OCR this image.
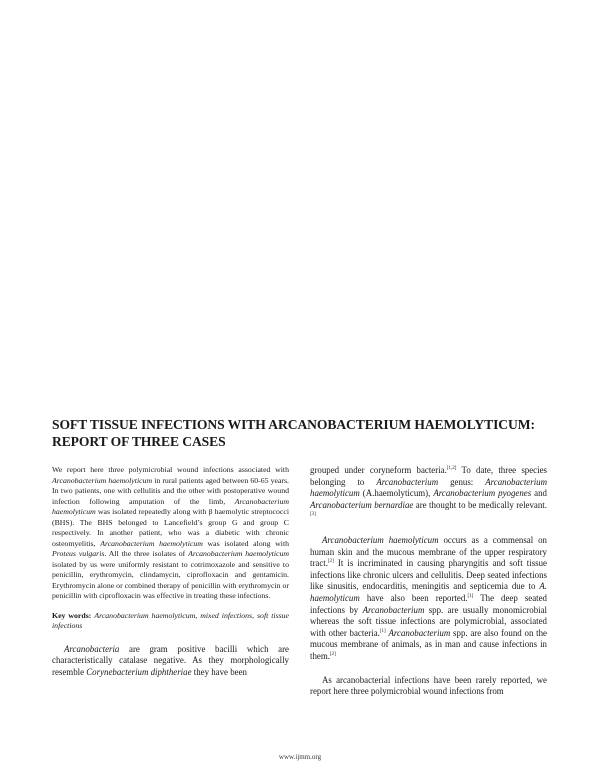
SOFT TISSUE INFECTIONS WITH ARCANOBACTERIUM HAEMOLYTICUM: REPORT OF THREE CASES

We report here three polymicrobial wound infections associated with Arcanobacterium haemolyticum in rural patients aged between 60-65 years. In two patients, one with cellulitis and the other with postoperative wound infection following amputation of the limb, Arcanobacterium haemolyticum was isolated repeatedly along with β haemolytic streptococci (BHS). The BHS belonged to Lancefield’s group G and group C respectively. In another patient, who was a diabetic with chronic osteomyelitis, Arcanobacterium haemolyticum was isolated along with Proteus vulgaris. All the three isolates of Arcanobacterium haemolyticum isolated by us were uniformly resistant to cotrimoxazole and sensitive to penicillin, erythromycin, clindamycin, ciprofloxacin and gentamicin. Erythromycin alone or combined therapy of penicillin with erythromycin or penicillin with ciprofloxacin was effective in treating these infections.

Key words: Arcanobacterium haemolyticum, mixed infections, soft tissue infections

Arcanobacteria are gram positive bacilli which are characteristically catalase negative. As they morphologically resemble Corynebacterium diphtheriae they have been

grouped under coryneform bacteria.[1,2] To date, three species belonging to Arcanobacterium genus: Arcanobacterium haemolyticum (A.haemolyticum), Arcanobacterium pyogenes and Arcanobacterium bernardiae are thought to be medically relevant.[3]

Arcanobacterium haemolyticum occurs as a commensal on human skin and the mucous membrane of the upper respiratory tract.[2] It is incriminated in causing pharyngitis and soft tissue infections like chronic ulcers and cellulitis. Deep seated infections like sinusitis, endocarditis, meningitis and septicemia due to A. haemolyticum have also been reported.[1] The deep seated infections by Arcanobacterium spp. are usually monomicrobial whereas the soft tissue infections are polymicrobial, associated with other bacteria.[1] Arcanobacterium spp. are also found on the mucous membrane of animals, as in man and cause infections in them.[2]

As arcanobacterial infections have been rarely reported, we report here three polymicrobial wound infections from

www.ijmm.org
